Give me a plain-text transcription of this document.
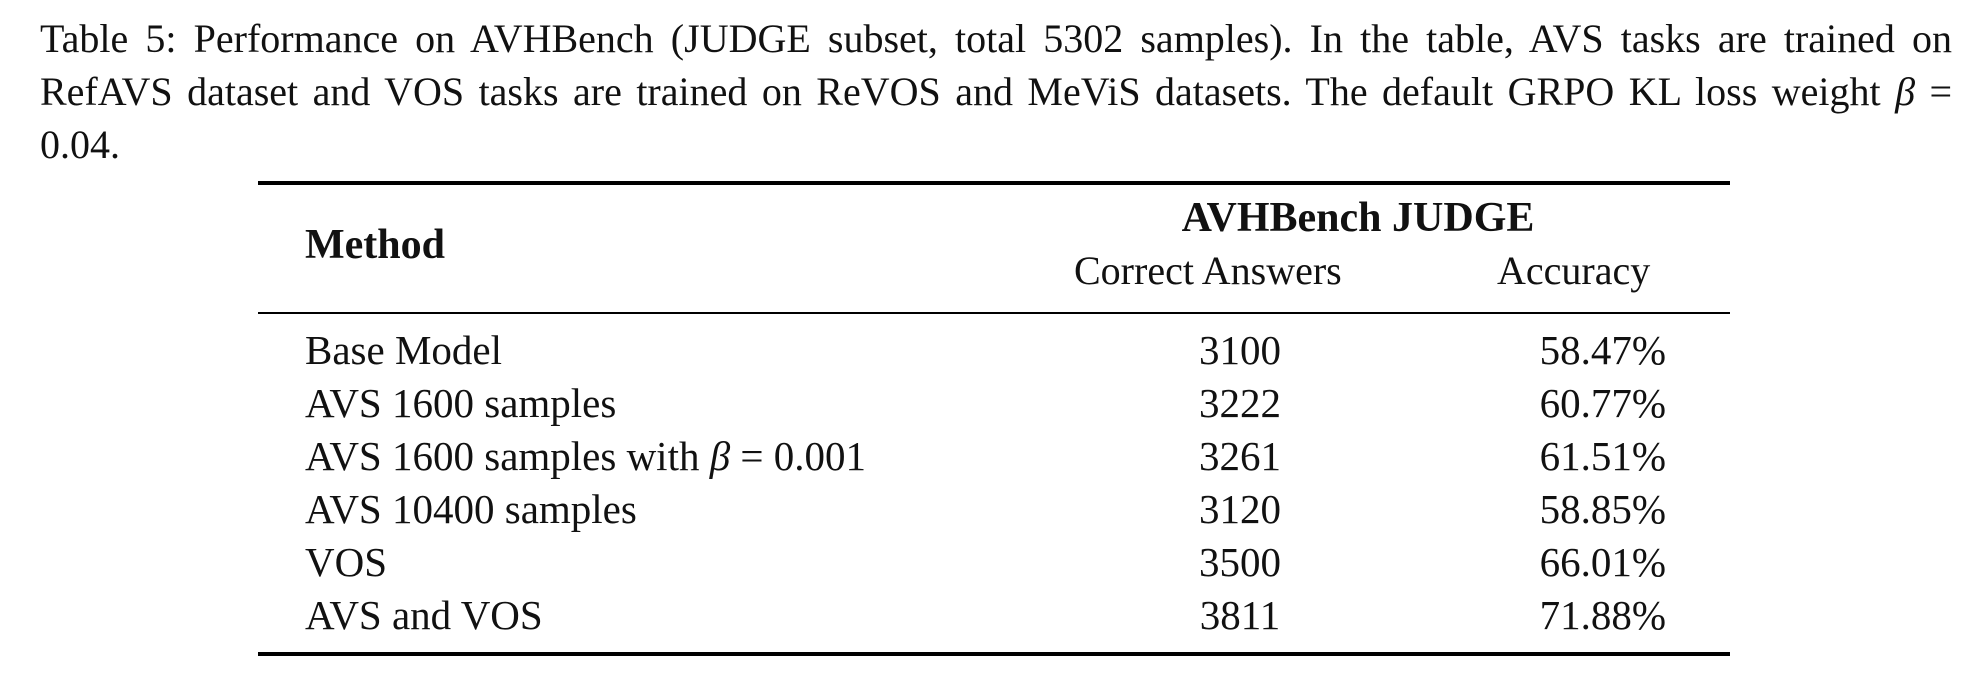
Table 5: Performance on AVHBench (JUDGE subset, total 5302 samples). In the table, AVS tasks are trained on RefAVS dataset and VOS tasks are trained on ReVOS and MeViS datasets. The default GRPO KL loss weight β = 0.04.
Method
AVHBench JUDGE
Correct Answers	Accuracy
Base Model	3100	58.47%
AVS 1600 samples	3222	60.77%
AVS 1600 samples with β = 0.001	3261	61.51%
AVS 10400 samples	3120	58.85%
VOS	3500	66.01%
AVS and VOS	3811	71.88%
